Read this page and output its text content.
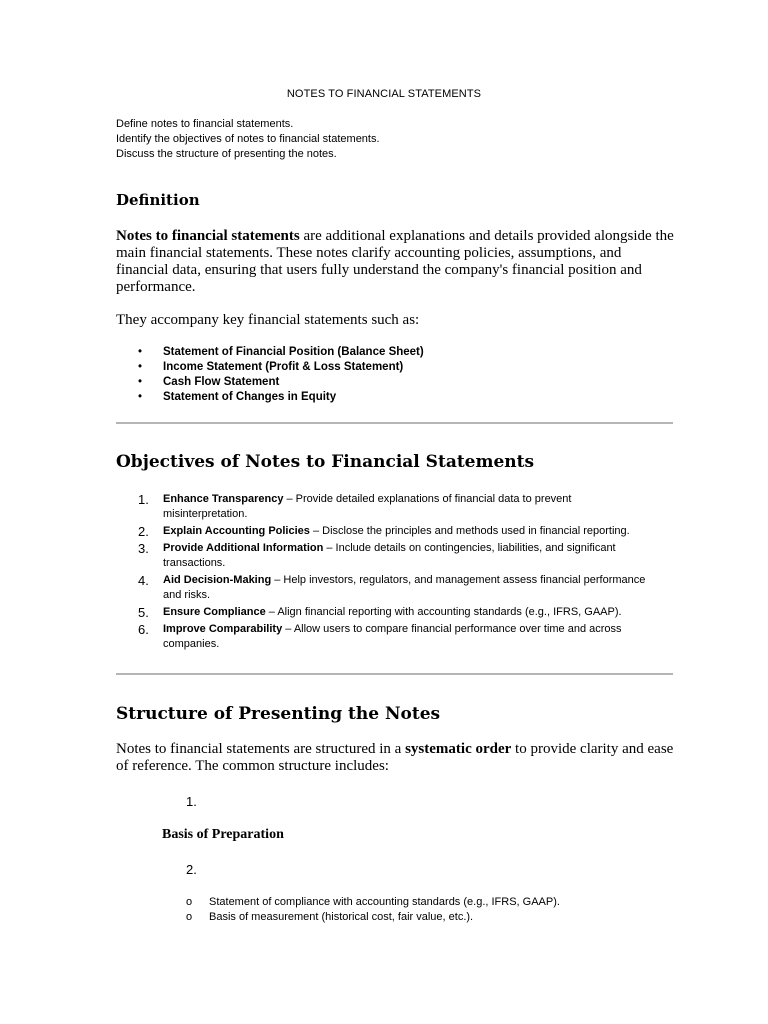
NOTES TO FINANCIAL STATEMENTS
Define notes to financial statements.
Identify the objectives of notes to financial statements.
Discuss the structure of presenting the notes.
Definition

Notes to financial statements are additional explanations and details provided alongside the main financial statements. These notes clarify accounting policies, assumptions, and financial data, ensuring that users fully understand the company's financial position and performance.

They accompany key financial statements such as:

• Statement of Financial Position (Balance Sheet)
• Income Statement (Profit & Loss Statement)
• Cash Flow Statement
• Statement of Changes in Equity
Objectives of Notes to Financial Statements
1. Enhance Transparency – Provide detailed explanations of financial data to prevent misinterpretation.
2. Explain Accounting Policies – Disclose the principles and methods used in financial reporting.
3. Provide Additional Information – Include details on contingencies, liabilities, and significant transactions.
4. Aid Decision-Making – Help investors, regulators, and management assess financial performance and risks.
5. Ensure Compliance – Align financial reporting with accounting standards (e.g., IFRS, GAAP).
6. Improve Comparability – Allow users to compare financial performance over time and across companies.
Structure of Presenting the Notes

Notes to financial statements are structured in a systematic order to provide clarity and ease of reference. The common structure includes:

1.
Basis of Preparation
2.
o Statement of compliance with accounting standards (e.g., IFRS, GAAP).
o Basis of measurement (historical cost, fair value, etc.).
